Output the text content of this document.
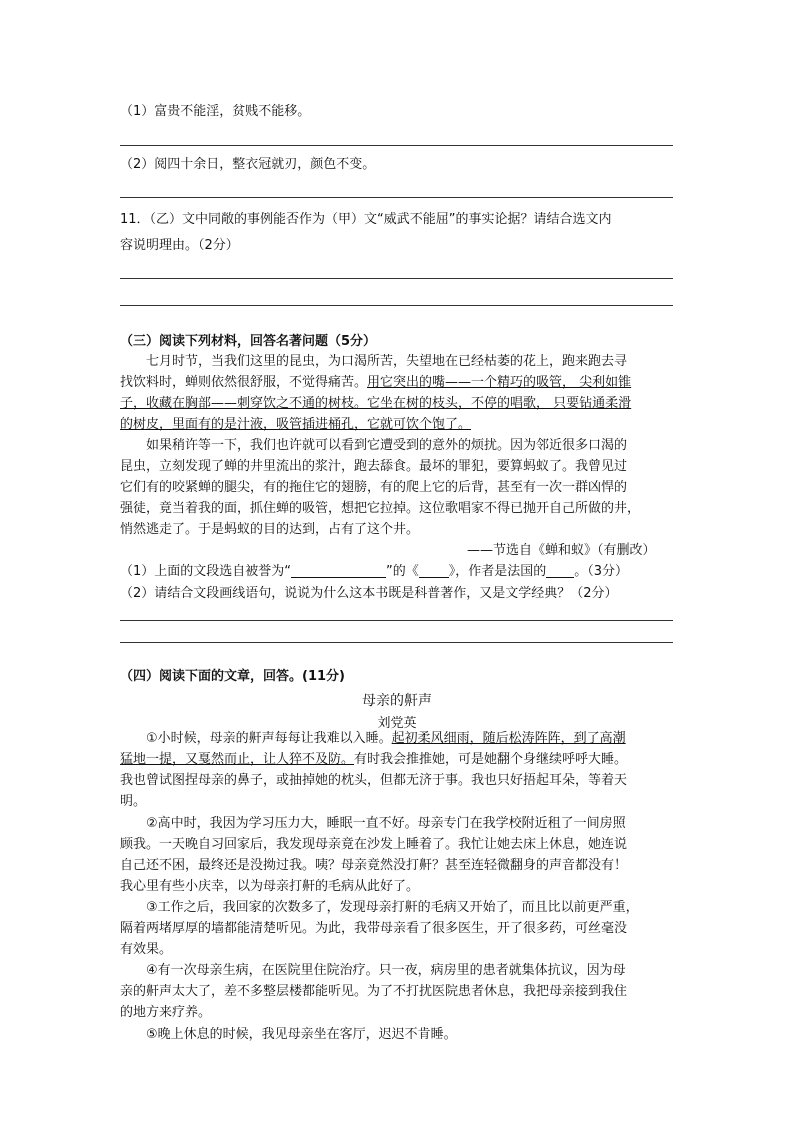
（1）富贵不能淫，贫贱不能移。
（2）阅四十余日，整衣冠就刃，颜色不变。
11．（乙）文中同敞的事例能否作为（甲）文“威武不能屈”的事实论据？请结合选文内
容说明理由。（2分）
（三）阅读下列材料，回答名著问题（5分）
七月时节，当我们这里的昆虫，为口渴所苦，失望地在已经枯萎的花上，跑来跑去寻
找饮料时，蝉则依然很舒服，不觉得痛苦。用它突出的嘴——一个精巧的吸管， 尖利如锥
子，收藏在胸部——刺穿饮之不通的树枝。它坐在树的枝头，不停的唱歌， 只要钻通柔滑
的树皮，里面有的是汁液，吸管插进桶孔，它就可饮个饱了。
如果稍许等一下，我们也许就可以看到它遭受到的意外的烦扰。因为邻近很多口渴的
昆虫，立刻发现了蝉的井里流出的浆汁，跑去舔食。最坏的罪犯，要算蚂蚁了。我曾见过
它们有的咬紧蝉的腿尖，有的拖住它的翅膀，有的爬上它的后背，甚至有一次一群凶悍的
强徒，竟当着我的面，抓住蝉的吸管，想把它拉掉。这位歌唱家不得已抛开自己所做的井，
悄然逃走了。于是蚂蚁的目的达到，占有了这个井。
——节选自《蝉和蚁》（有删改）
（1）上面的文段选自被誉为“	”的《 》，作者是法国的 。（3分）
（2）请结合文段画线语句，说说为什么这本书既是科普著作，又是文学经典？（2分）
（四）阅读下面的文章，回答。(11分)
母亲的鼾声
刘党英
①小时候，母亲的鼾声每每让我难以入睡。起初柔风细雨，随后松涛阵阵，到了高潮
猛地一提，又戛然而止，让人猝不及防。有时我会推推她，可是她翻个身继续呼呼大睡。
我也曾试图捏母亲的鼻子，或抽掉她的枕头，但都无济于事。我也只好捂起耳朵，等着天
明。
②高中时，我因为学习压力大，睡眠一直不好。母亲专门在我学校附近租了一间房照
顾我。一天晚自习回家后，我发现母亲竟在沙发上睡着了。我忙让她去床上休息，她连说
自己还不困，最终还是没拗过我。咦？母亲竟然没打鼾？甚至连轻微翻身的声音都没有！
我心里有些小庆幸，以为母亲打鼾的毛病从此好了。
③工作之后，我回家的次数多了，发现母亲打鼾的毛病又开始了，而且比以前更严重，
隔着两堵厚厚的墙都能清楚听见。为此，我带母亲看了很多医生，开了很多药，可丝毫没
有效果。
④有一次母亲生病，在医院里住院治疗。只一夜，病房里的患者就集体抗议，因为母
亲的鼾声太大了，差不多整层楼都能听见。为了不打扰医院患者休息，我把母亲接到我住
的地方来疗养。
⑤晚上休息的时候，我见母亲坐在客厅，迟迟不肯睡。
